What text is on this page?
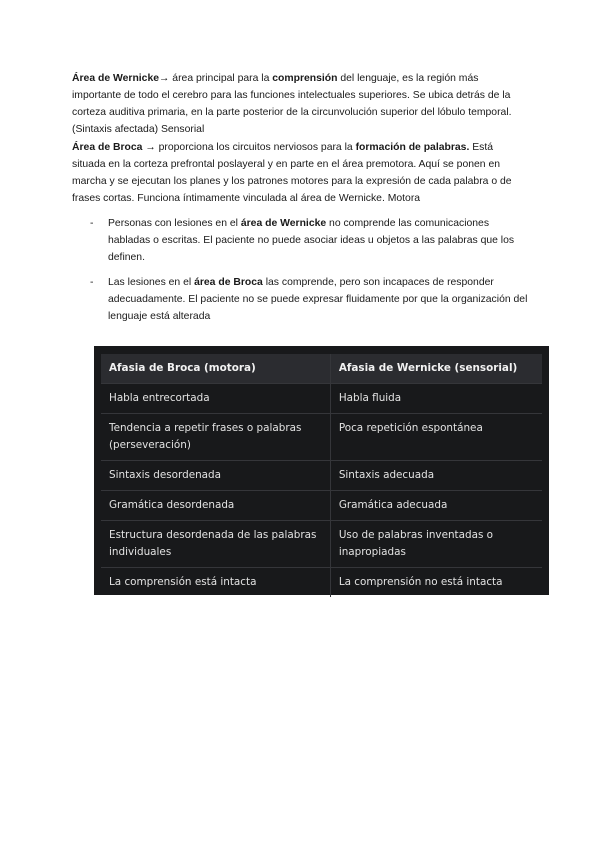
Área de Wernicke→ área principal para la comprensión del lenguaje, es la región más importante de todo el cerebro para las funciones intelectuales superiores. Se ubica detrás de la corteza auditiva primaria, en la parte posterior de la circunvolución superior del lóbulo temporal. (Sintaxis afectada) Sensorial

Área de Broca → proporciona los circuitos nerviosos para la formación de palabras. Está situada en la corteza prefrontal poslayeral y en parte en el área premotora. Aquí se ponen en marcha y se ejecutan los planes y los patrones motores para la expresión de cada palabra o de frases cortas. Funciona íntimamente vinculada al área de Wernicke. Motora

- Personas con lesiones en el área de Wernicke no comprende las comunicaciones habladas o escritas. El paciente no puede asociar ideas u objetos a las palabras que los definen.
- Las lesiones en el área de Broca las comprende, pero son incapaces de responder adecuadamente. El paciente no se puede expresar fluidamente por que la organización del lenguaje está alterada
Afasia de Broca (motora)	Afasia de Wernicke (sensorial)
Habla entrecortada	Habla fluida
Tendencia a repetir frases o palabras (perseveración)	Poca repetición espontánea
Sintaxis desordenada	Sintaxis adecuada
Gramática desordenada	Gramática adecuada
Estructura desordenada de las palabras individuales	Uso de palabras inventadas o inapropiadas
La comprensión está intacta	La comprensión no está intacta
